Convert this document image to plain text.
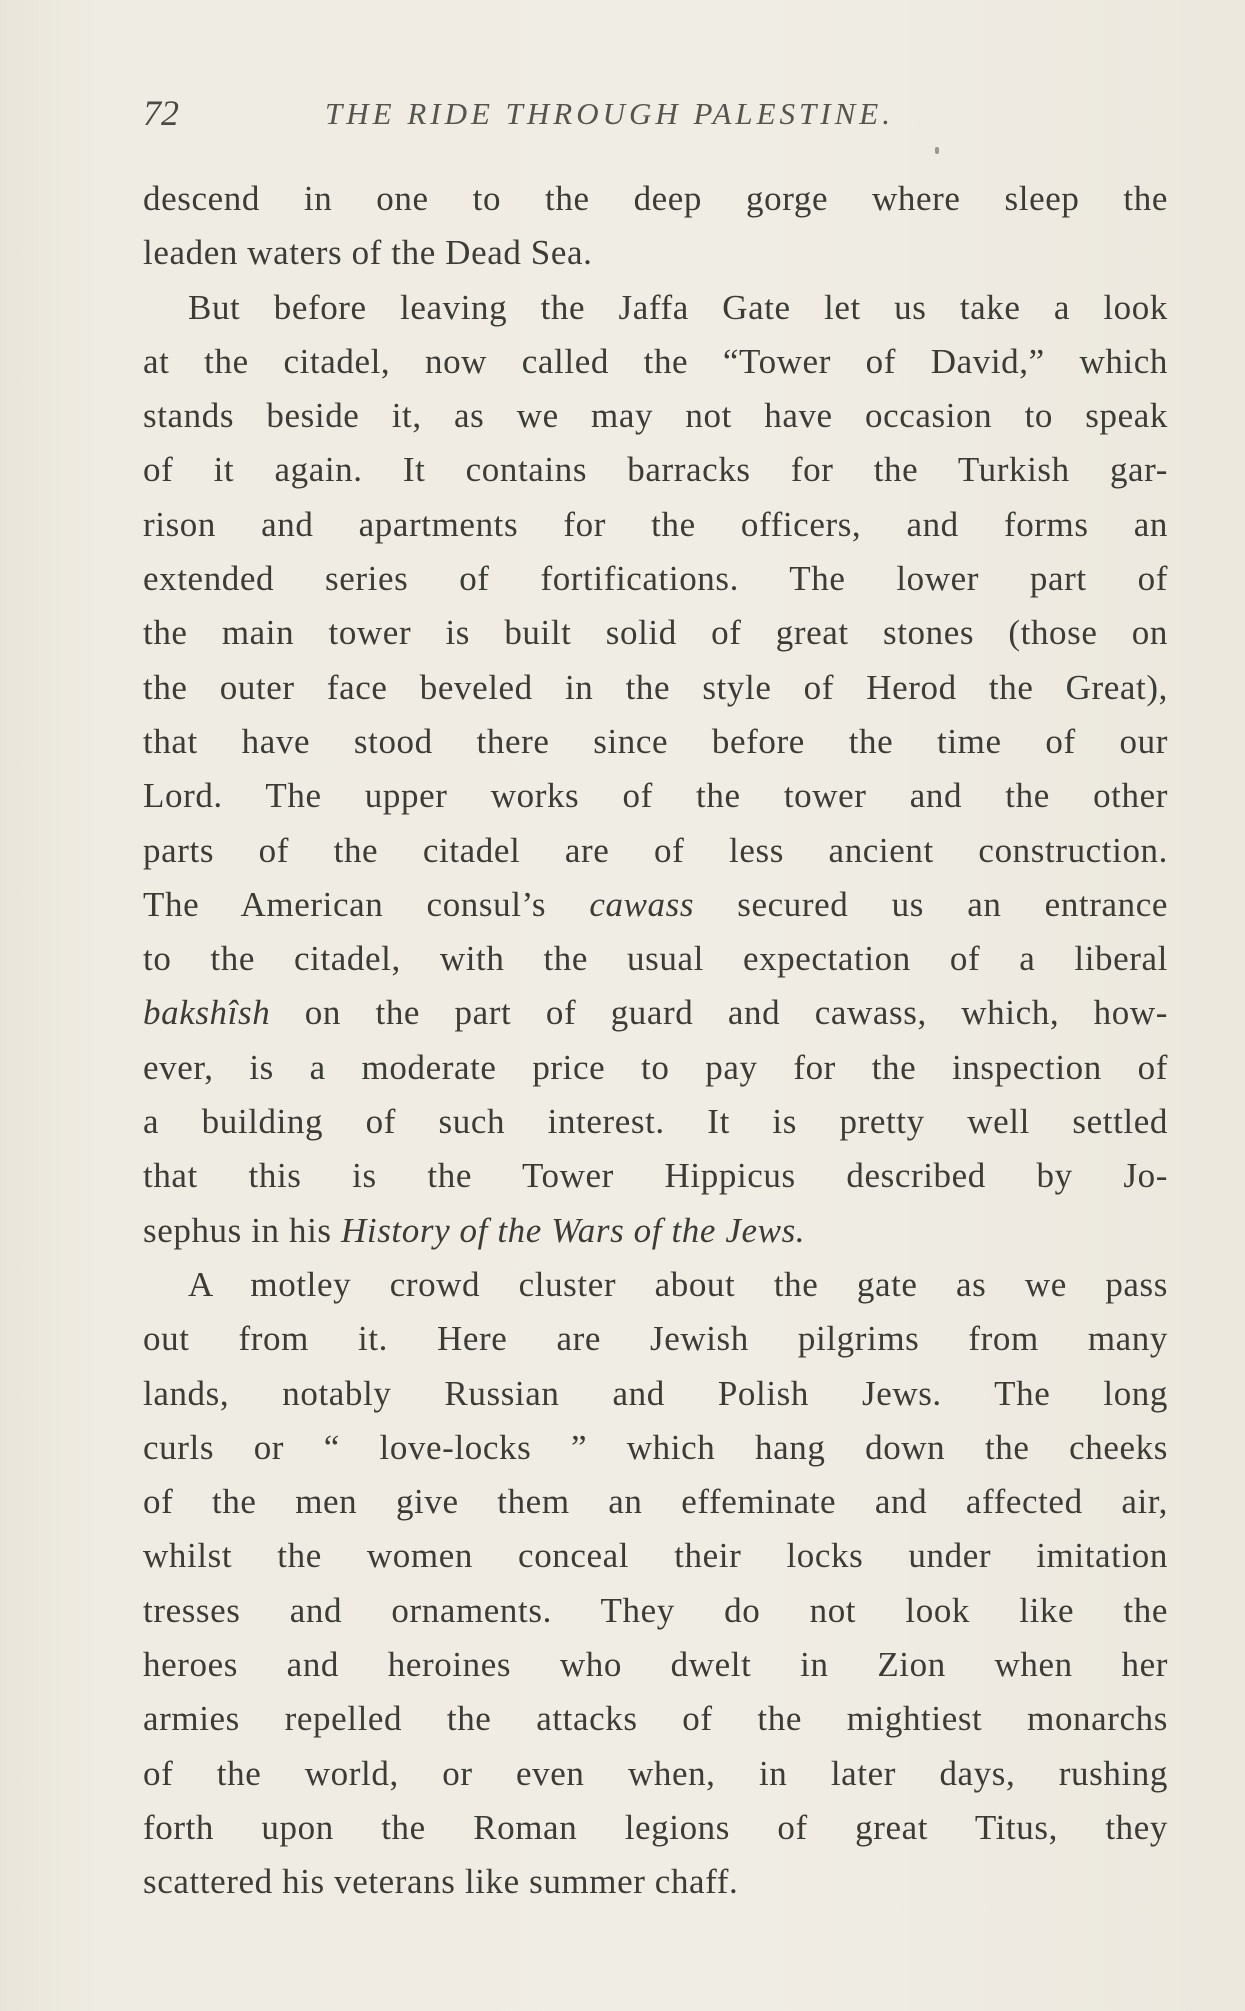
72	THE RIDE THROUGH PALESTINE.
descend in one to the deep gorge where sleep the
leaden waters of the Dead Sea.
But before leaving the Jaffa Gate let us take a look
at the citadel, now called the “Tower of David,” which
stands beside it, as we may not have occasion to speak
of it again. It contains barracks for the Turkish gar-
rison and apartments for the officers, and forms an
extended series of fortifications. The lower part of
the main tower is built solid of great stones (those on
the outer face beveled in the style of Herod the Great),
that have stood there since before the time of our
Lord. The upper works of the tower and the other
parts of the citadel are of less ancient construction.
The American consul’s cawass secured us an entrance
to the citadel, with the usual expectation of a liberal
bakshîsh on the part of guard and cawass, which, how-
ever, is a moderate price to pay for the inspection of
a building of such interest. It is pretty well settled
that this is the Tower Hippicus described by Jo-
sephus in his History of the Wars of the Jews.
A motley crowd cluster about the gate as we pass
out from it. Here are Jewish pilgrims from many
lands, notably Russian and Polish Jews. The long
curls or “ love-locks ” which hang down the cheeks
of the men give them an effeminate and affected air,
whilst the women conceal their locks under imitation
tresses and ornaments. They do not look like the
heroes and heroines who dwelt in Zion when her
armies repelled the attacks of the mightiest monarchs
of the world, or even when, in later days, rushing
forth upon the Roman legions of great Titus, they
scattered his veterans like summer chaff.
